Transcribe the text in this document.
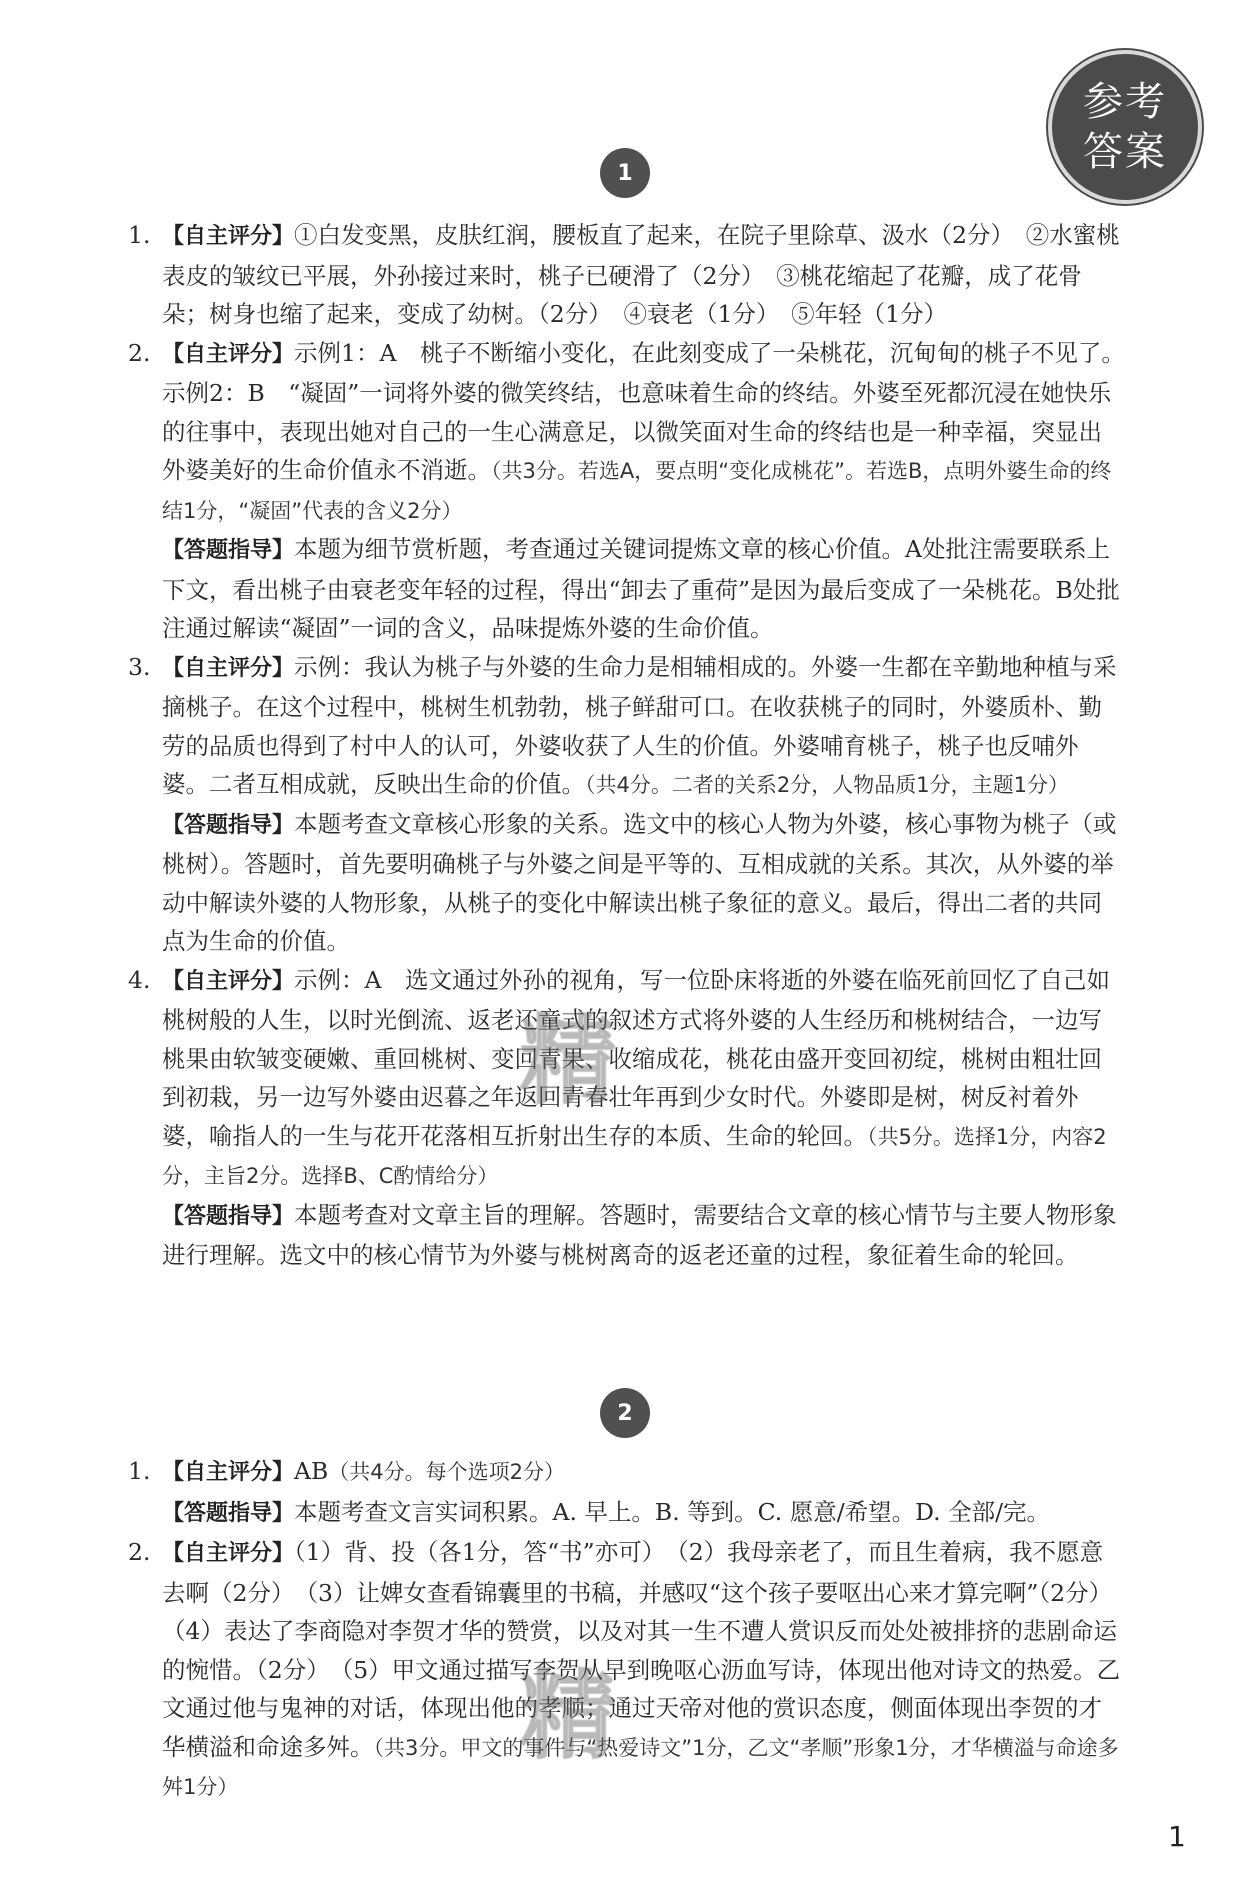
参考
答案
1

1. 【自主评分】①白发变黑，皮肤红润，腰板直了起来，在院子里除草、汲水（2分）　②水蜜桃表皮的皱纹已平展，外孙接过来时，桃子已硬滑了（2分）　③桃花缩起了花瓣，成了花骨朵；树身也缩了起来，变成了幼树。（2分）　④衰老（1分）　⑤年轻（1分）

2. 【自主评分】示例1：A　桃子不断缩小变化，在此刻变成了一朵桃花，沉甸甸的桃子不见了。　示例2：B　“凝固”一词将外婆的微笑终结，也意味着生命的终结。外婆至死都沉浸在她快乐的往事中，表现出她对自己的一生心满意足，以微笑面对生命的终结也是一种幸福，突显出外婆美好的生命价值永不消逝。（共3分。若选A，要点明“变化成桃花”。若选B，点明外婆生命的终结1分，“凝固”代表的含义2分）

【答题指导】本题为细节赏析题，考查通过关键词提炼文章的核心价值。A处批注需要联系上下文，看出桃子由衰老变年轻的过程，得出“卸去了重荷”是因为最后变成了一朵桃花。B处批注通过解读“凝固”一词的含义，品味提炼外婆的生命价值。

3. 【自主评分】示例：我认为桃子与外婆的生命力是相辅相成的。外婆一生都在辛勤地种植与采摘桃子。在这个过程中，桃树生机勃勃，桃子鲜甜可口。在收获桃子的同时，外婆质朴、勤劳的品质也得到了村中人的认可，外婆收获了人生的价值。外婆哺育桃子，桃子也反哺外婆。二者互相成就，反映出生命的价值。（共4分。二者的关系2分，人物品质1分，主题1分）

【答题指导】本题考查文章核心形象的关系。选文中的核心人物为外婆，核心事物为桃子（或桃树）。答题时，首先要明确桃子与外婆之间是平等的、互相成就的关系。其次，从外婆的举动中解读外婆的人物形象，从桃子的变化中解读出桃子象征的意义。最后，得出二者的共同点为生命的价值。

4. 【自主评分】示例：A　选文通过外孙的视角，写一位卧床将逝的外婆在临死前回忆了自己如桃树般的人生，以时光倒流、返老还童式的叙述方式将外婆的人生经历和桃树结合，一边写桃果由软皱变硬嫩、重回桃树、变回青果、收缩成花，桃花由盛开变回初绽，桃树由粗壮回到初栽，另一边写外婆由迟暮之年返回青春壮年再到少女时代。外婆即是树，树反衬着外婆，喻指人的一生与花开花落相互折射出生存的本质、生命的轮回。（共5分。选择1分，内容2分，主旨2分。选择B、C酌情给分）

【答题指导】本题考查对文章主旨的理解。答题时，需要结合文章的核心情节与主要人物形象进行理解。选文中的核心情节为外婆与桃树离奇的返老还童的过程，象征着生命的轮回。

2

1. 【自主评分】AB（共4分。每个选项2分）

【答题指导】本题考查文言实词积累。A. 早上。B. 等到。C. 愿意/希望。D. 全部/完。

2. 【自主评分】（1）背、投（各1分，答“书”亦可）　（2）我母亲老了，而且生着病，我不愿意去啊（2分）　（3）让婢女查看锦囊里的书稿，并感叹“这个孩子要呕出心来才算完啊”（2分）　（4）表达了李商隐对李贺才华的赞赏，以及对其一生不遭人赏识反而处处被排挤的悲剧命运的惋惜。（2分）　（5）甲文通过描写李贺从早到晚呕心沥血写诗，体现出他对诗文的热爱。乙文通过他与鬼神的对话，体现出他的孝顺；通过天帝对他的赏识态度，侧面体现出李贺的才华横溢和命途多舛。（共3分。甲文的事件与“热爱诗文”1分，乙文“孝顺”形象1分，才华横溢与命途多舛1分）

精
精
1
